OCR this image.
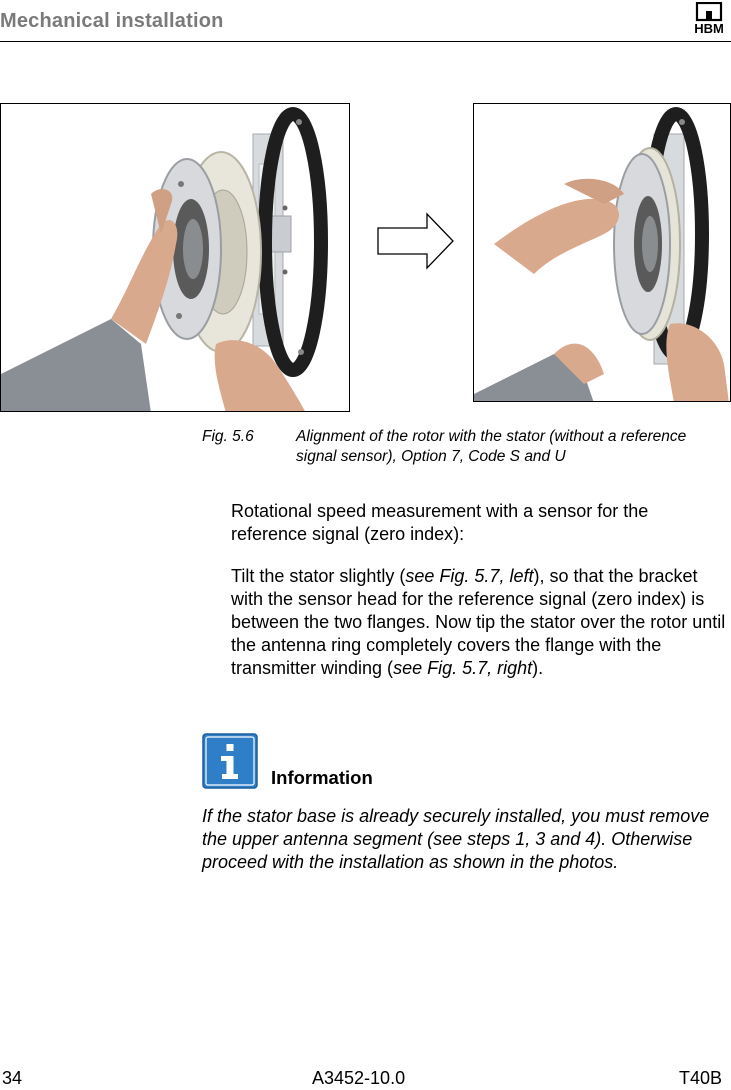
Mechanical installation	HBM
Fig. 5.6	Alignment of the rotor with the stator (without a reference signal sensor), Option 7, Code S and U
Rotational speed measurement with a sensor for the reference signal (zero index):
Tilt the stator slightly (see Fig. 5.7, left), so that the bracket with the sensor head for the reference signal (zero index) is between the two flanges. Now tip the stator over the rotor until the antenna ring completely covers the flange with the transmitter winding (see Fig. 5.7, right).
Information
If the stator base is already securely installed, you must remove the upper antenna segment (see steps 1, 3 and 4). Otherwise proceed with the installation as shown in the photos.
34	A3452-10.0	T40B
